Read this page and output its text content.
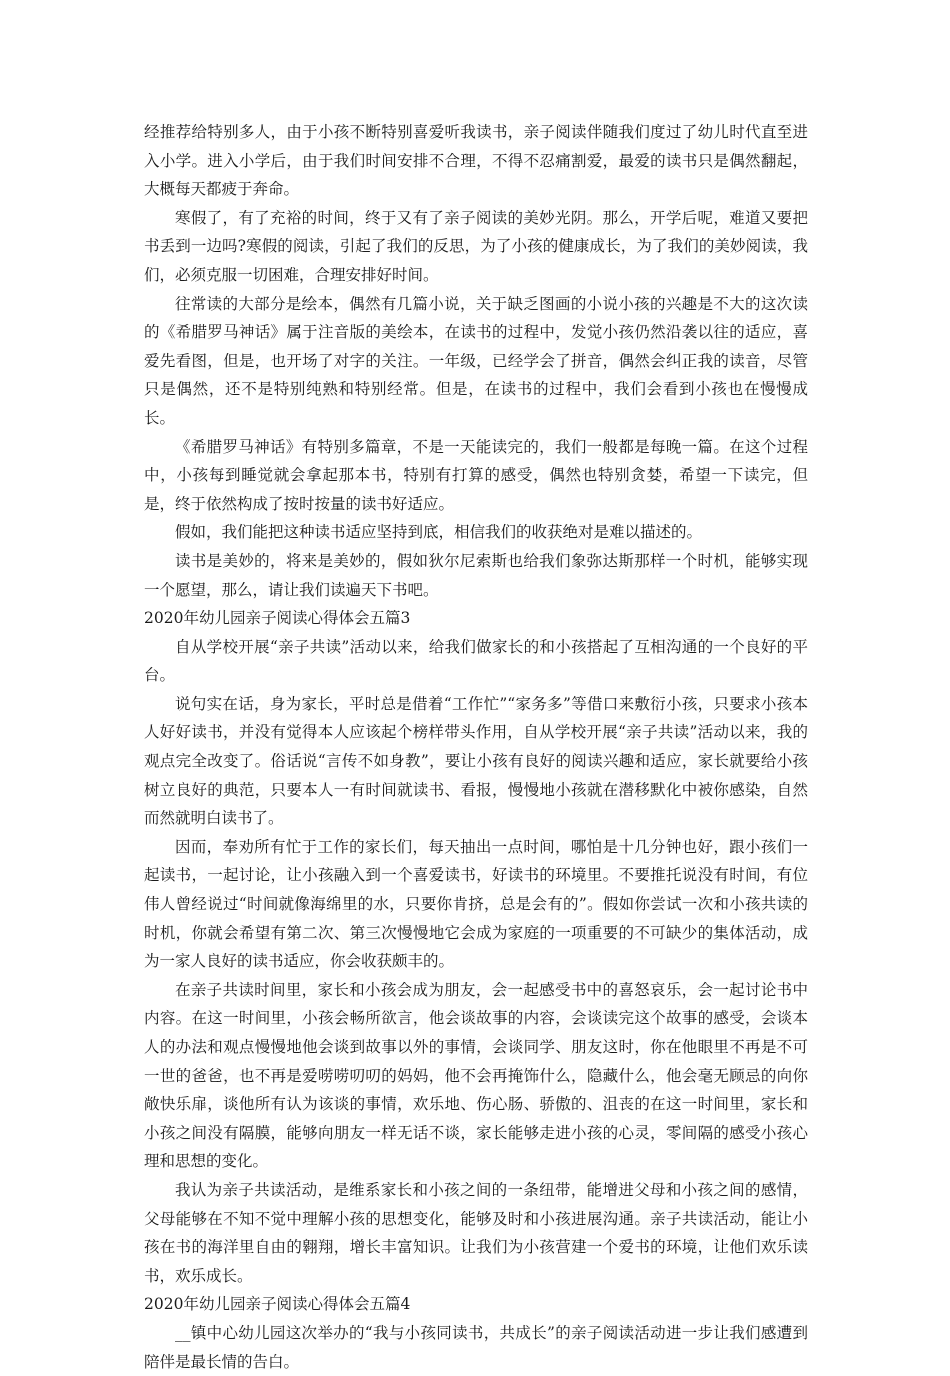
经推荐给特别多人，由于小孩不断特别喜爱听我读书，亲子阅读伴随我们度过了幼儿时代直至进入小学。进入小学后，由于我们时间安排不合理，不得不忍痛割爱，最爱的读书只是偶然翻起，大概每天都疲于奔命。

寒假了，有了充裕的时间，终于又有了亲子阅读的美妙光阴。那么，开学后呢，难道又要把书丢到一边吗?寒假的阅读，引起了我们的反思，为了小孩的健康成长，为了我们的美妙阅读，我们，必须克服一切困难，合理安排好时间。

往常读的大部分是绘本，偶然有几篇小说，关于缺乏图画的小说小孩的兴趣是不大的这次读的《希腊罗马神话》属于注音版的美绘本，在读书的过程中，发觉小孩仍然沿袭以往的适应，喜爱先看图，但是，也开场了对字的关注。一年级，已经学会了拼音，偶然会纠正我的读音，尽管只是偶然，还不是特别纯熟和特别经常。但是，在读书的过程中，我们会看到小孩也在慢慢成长。

《希腊罗马神话》有特别多篇章，不是一天能读完的，我们一般都是每晚一篇。在这个过程中，小孩每到睡觉就会拿起那本书，特别有打算的感受，偶然也特别贪婪，希望一下读完，但是，终于依然构成了按时按量的读书好适应。

假如，我们能把这种读书适应坚持到底，相信我们的收获绝对是难以描述的。

读书是美妙的，将来是美妙的，假如狄尔尼索斯也给我们象弥达斯那样一个时机，能够实现一个愿望，那么，请让我们读遍天下书吧。

2020年幼儿园亲子阅读心得体会五篇3

自从学校开展“亲子共读”活动以来，给我们做家长的和小孩搭起了互相沟通的一个良好的平台。

说句实在话，身为家长，平时总是借着“工作忙”“家务多”等借口来敷衍小孩，只要求小孩本人好好读书，并没有觉得本人应该起个榜样带头作用，自从学校开展“亲子共读”活动以来，我的观点完全改变了。俗话说“言传不如身教”，要让小孩有良好的阅读兴趣和适应，家长就要给小孩树立良好的典范，只要本人一有时间就读书、看报，慢慢地小孩就在潜移默化中被你感染，自然而然就明白读书了。

因而，奉劝所有忙于工作的家长们，每天抽出一点时间，哪怕是十几分钟也好，跟小孩们一起读书，一起讨论，让小孩融入到一个喜爱读书，好读书的环境里。不要推托说没有时间，有位伟人曾经说过“时间就像海绵里的水，只要你肯挤，总是会有的”。假如你尝试一次和小孩共读的时机，你就会希望有第二次、第三次慢慢地它会成为家庭的一项重要的不可缺少的集体活动，成为一家人良好的读书适应，你会收获颇丰的。

在亲子共读时间里，家长和小孩会成为朋友，会一起感受书中的喜怒哀乐，会一起讨论书中内容。在这一时间里，小孩会畅所欲言，他会谈故事的内容，会谈读完这个故事的感受，会谈本人的办法和观点慢慢地他会谈到故事以外的事情，会谈同学、朋友这时，你在他眼里不再是不可一世的爸爸，也不再是爱唠唠叨叨的妈妈，他不会再掩饰什么，隐藏什么，他会毫无顾忌的向你敞快乐扉，谈他所有认为该谈的事情，欢乐地、伤心肠、骄傲的、沮丧的在这一时间里，家长和小孩之间没有隔膜，能够向朋友一样无话不谈，家长能够走进小孩的心灵，零间隔的感受小孩心理和思想的变化。

我认为亲子共读活动，是维系家长和小孩之间的一条纽带，能增进父母和小孩之间的感情，父母能够在不知不觉中理解小孩的思想变化，能够及时和小孩进展沟通。亲子共读活动，能让小孩在书的海洋里自由的翱翔，增长丰富知识。让我们为小孩营建一个爱书的环境，让他们欢乐读书，欢乐成长。

2020年幼儿园亲子阅读心得体会五篇4

__镇中心幼儿园这次举办的“我与小孩同读书，共成长”的亲子阅读活动进一步让我们感遭到陪伴是最长情的告白。
